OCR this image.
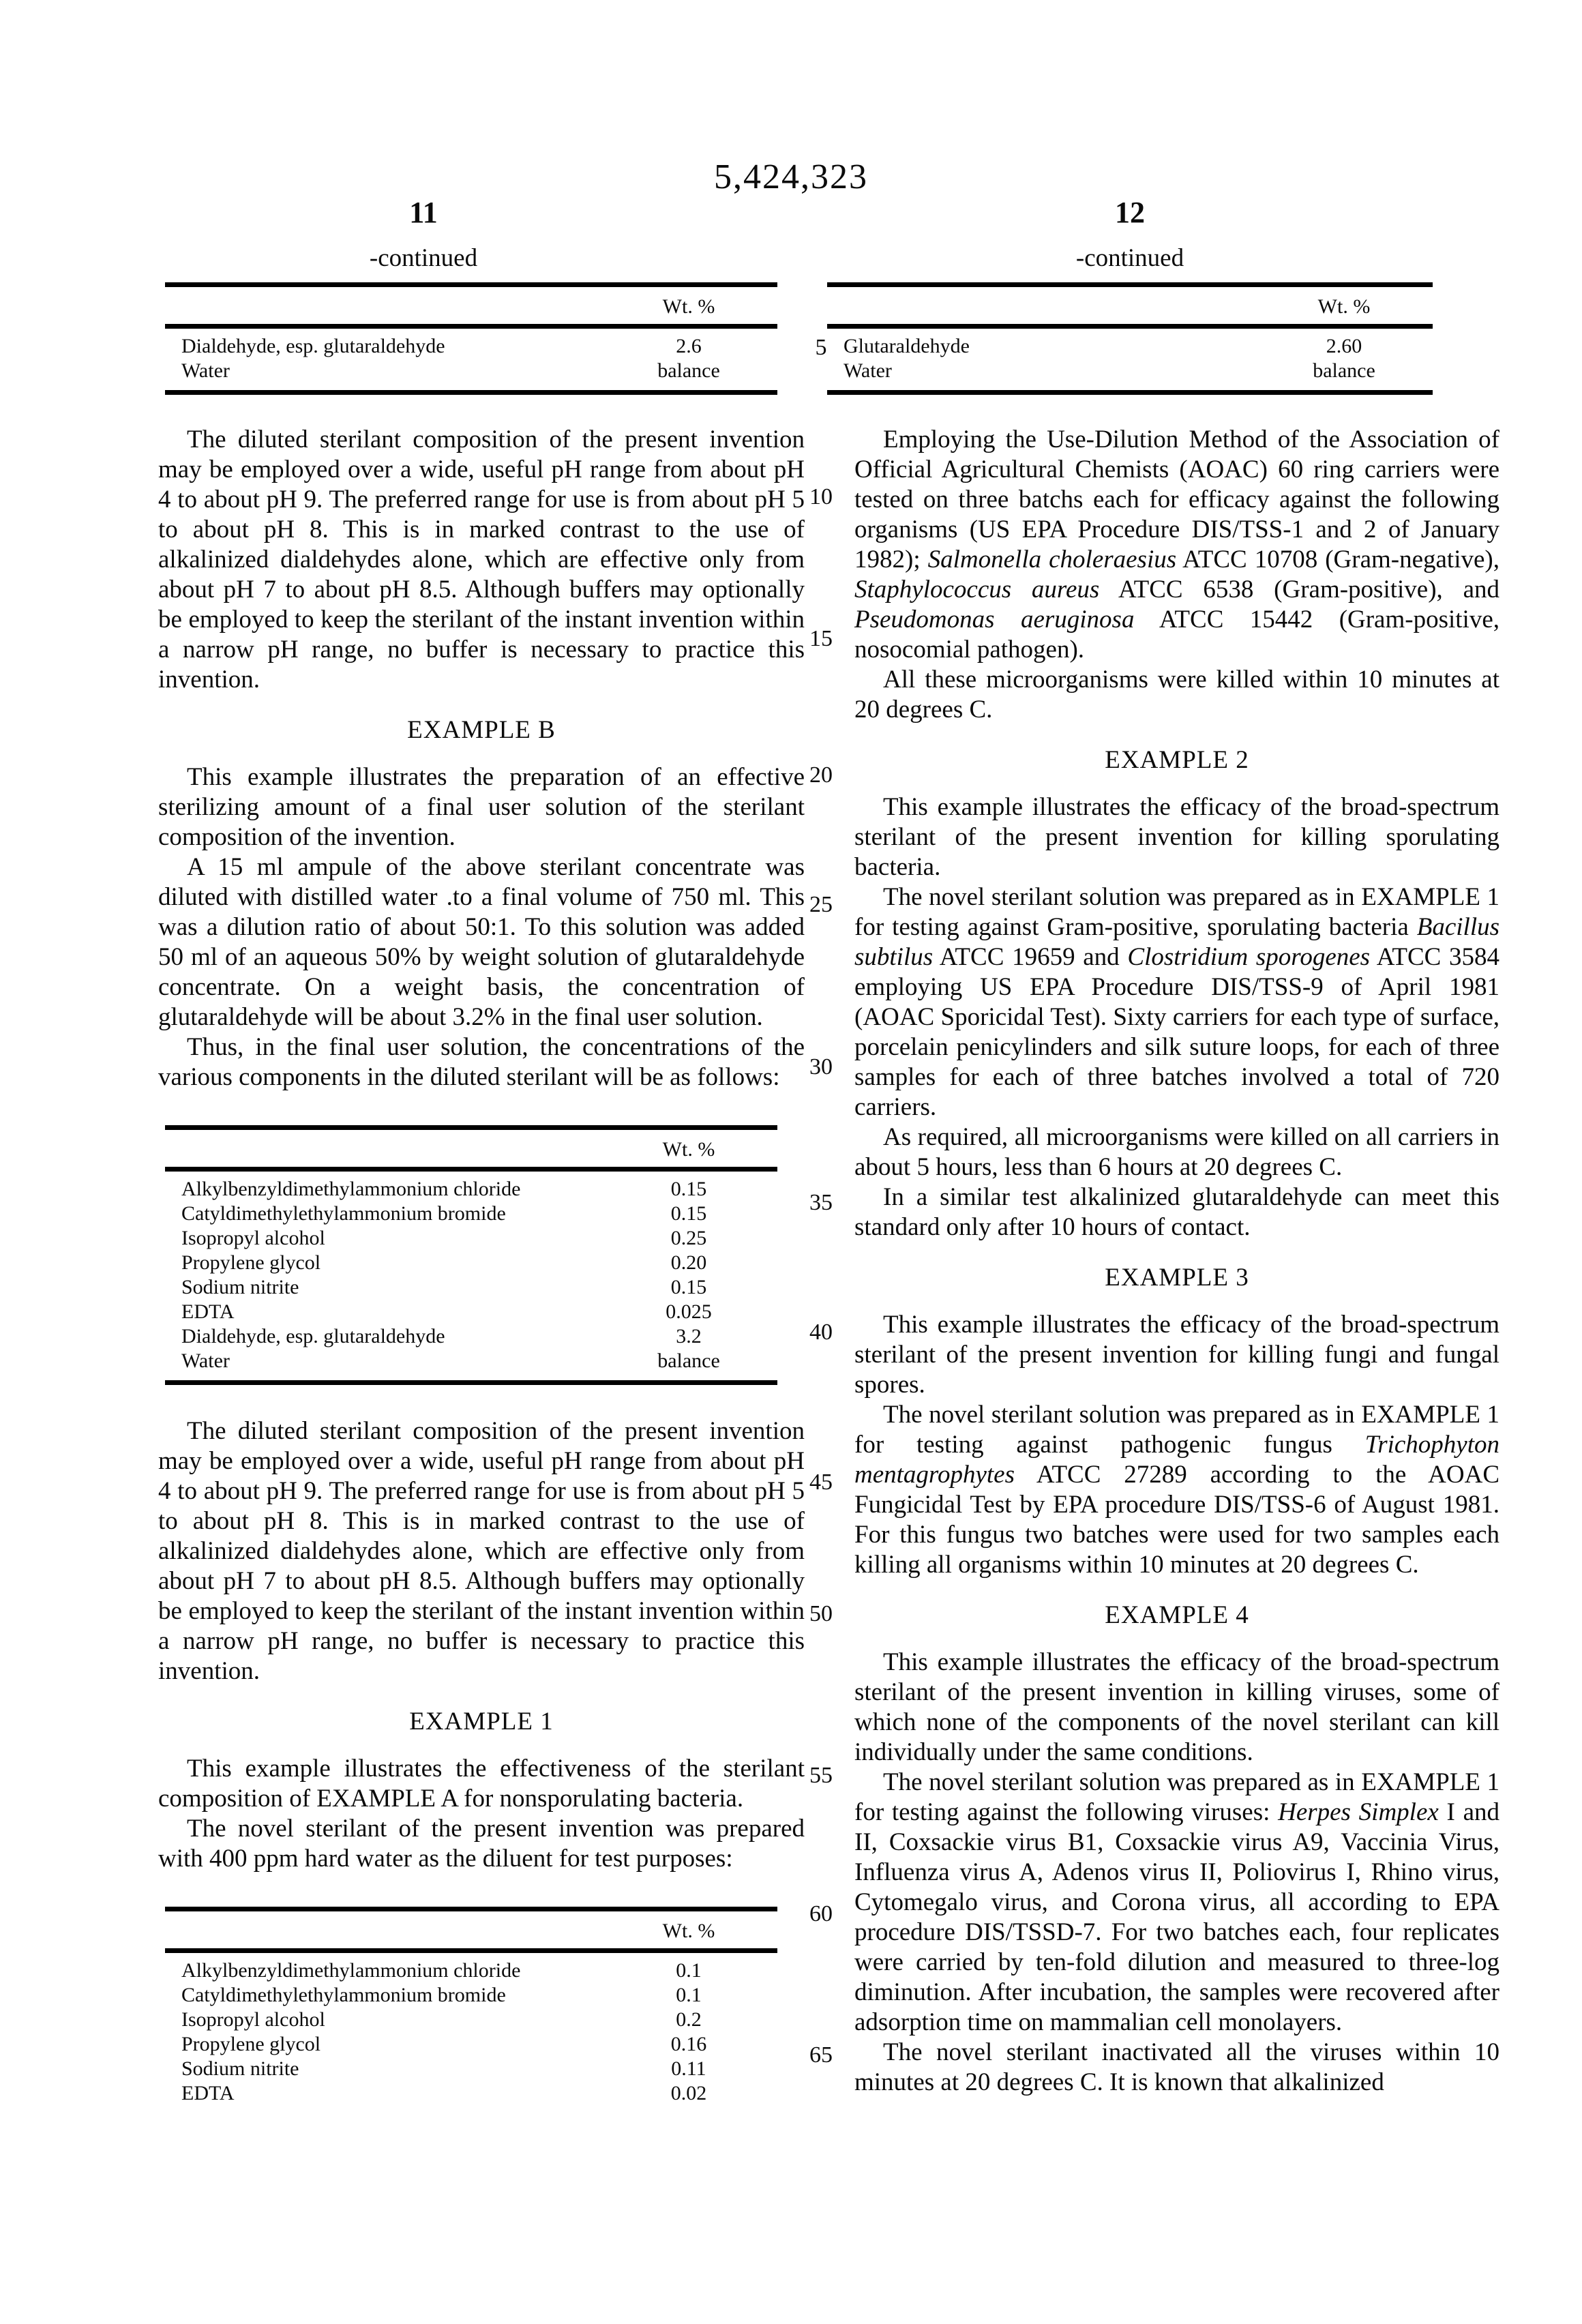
5,424,323
5
10
15
20
25
30
35
40
45
50
55
60
65
11
-continued
Wt. %
Dialdehyde, esp. glutaraldehyde	2.6
Water	balance

The diluted sterilant composition of the present invention may be employed over a wide, useful pH range from about pH 4 to about pH 9. The preferred range for use is from about pH 5 to about pH 8. This is in marked contrast to the use of alkalinized dialdehydes alone, which are effective only from about pH 7 to about pH 8.5. Although buffers may optionally be employed to keep the sterilant of the instant invention within a narrow pH range, no buffer is necessary to practice this invention.

EXAMPLE B

This example illustrates the preparation of an effective sterilizing amount of a final user solution of the sterilant composition of the invention.

A 15 ml ampule of the above sterilant concentrate was diluted with distilled water .to a final volume of 750 ml. This was a dilution ratio of about 50:1. To this solution was added 50 ml of an aqueous 50% by weight solution of glutaraldehyde concentrate. On a weight basis, the concentration of glutaraldehyde will be about 3.2% in the final user solution.

Thus, in the final user solution, the concentrations of the various components in the diluted sterilant will be as follows:

Wt. %
Alkylbenzyldimethylammonium chloride	0.15
Catyldimethylethylammonium bromide	0.15
Isopropyl alcohol	0.25
Propylene glycol	0.20
Sodium nitrite	0.15
EDTA	0.025
Dialdehyde, esp. glutaraldehyde	3.2
Water	balance

The diluted sterilant composition of the present invention may be employed over a wide, useful pH range from about pH 4 to about pH 9. The preferred range for use is from about pH 5 to about pH 8. This is in marked contrast to the use of alkalinized dialdehydes alone, which are effective only from about pH 7 to about pH 8.5. Although buffers may optionally be employed to keep the sterilant of the instant invention within a narrow pH range, no buffer is necessary to practice this invention.

EXAMPLE 1

This example illustrates the effectiveness of the sterilant composition of EXAMPLE A for nonsporulating bacteria.

The novel sterilant of the present invention was prepared with 400 ppm hard water as the diluent for test purposes:

Wt. %
Alkylbenzyldimethylammonium chloride	0.1
Catyldimethylethylammonium bromide	0.1
Isopropyl alcohol	0.2
Propylene glycol	0.16
Sodium nitrite	0.11
EDTA	0.02
12
-continued
Wt. %
Glutaraldehyde	2.60
Water	balance

Employing the Use-Dilution Method of the Association of Official Agricultural Chemists (AOAC) 60 ring carriers were tested on three batchs each for efficacy against the following organisms (US EPA Procedure DIS/TSS-1 and 2 of January 1982); Salmonella choleraesius ATCC 10708 (Gram-negative), Staphylococcus aureus ATCC 6538 (Gram-positive), and Pseudomonas aeruginosa ATCC 15442 (Gram-positive, nosocomial pathogen).

All these microorganisms were killed within 10 minutes at 20 degrees C.

EXAMPLE 2

This example illustrates the efficacy of the broad-spectrum sterilant of the present invention for killing sporulating bacteria.

The novel sterilant solution was prepared as in EXAMPLE 1 for testing against Gram-positive, sporulating bacteria Bacillus subtilus ATCC 19659 and Clostridium sporogenes ATCC 3584 employing US EPA Procedure DIS/TSS-9 of April 1981 (AOAC Sporicidal Test). Sixty carriers for each type of surface, porcelain penicylinders and silk suture loops, for each of three samples for each of three batches involved a total of 720 carriers.

As required, all microorganisms were killed on all carriers in about 5 hours, less than 6 hours at 20 degrees C.

In a similar test alkalinized glutaraldehyde can meet this standard only after 10 hours of contact.

EXAMPLE 3

This example illustrates the efficacy of the broad-spectrum sterilant of the present invention for killing fungi and fungal spores.

The novel sterilant solution was prepared as in EXAMPLE 1 for testing against pathogenic fungus Trichophyton mentagrophytes ATCC 27289 according to the AOAC Fungicidal Test by EPA procedure DIS/TSS-6 of August 1981. For this fungus two batches were used for two samples each killing all organisms within 10 minutes at 20 degrees C.

EXAMPLE 4

This example illustrates the efficacy of the broad-spectrum sterilant of the present invention in killing viruses, some of which none of the components of the novel sterilant can kill individually under the same conditions.

The novel sterilant solution was prepared as in EXAMPLE 1 for testing against the following viruses: Herpes Simplex I and II, Coxsackie virus B1, Coxsackie virus A9, Vaccinia Virus, Influenza virus A, Adenos virus II, Poliovirus I, Rhino virus, Cytomegalo virus, and Corona virus, all according to EPA procedure DIS/TSSD-7. For two batches each, four replicates were carried by ten-fold dilution and measured to three-log diminution. After incubation, the samples were recovered after adsorption time on mammalian cell monolayers.

The novel sterilant inactivated all the viruses within 10 minutes at 20 degrees C. It is known that alkalinized
